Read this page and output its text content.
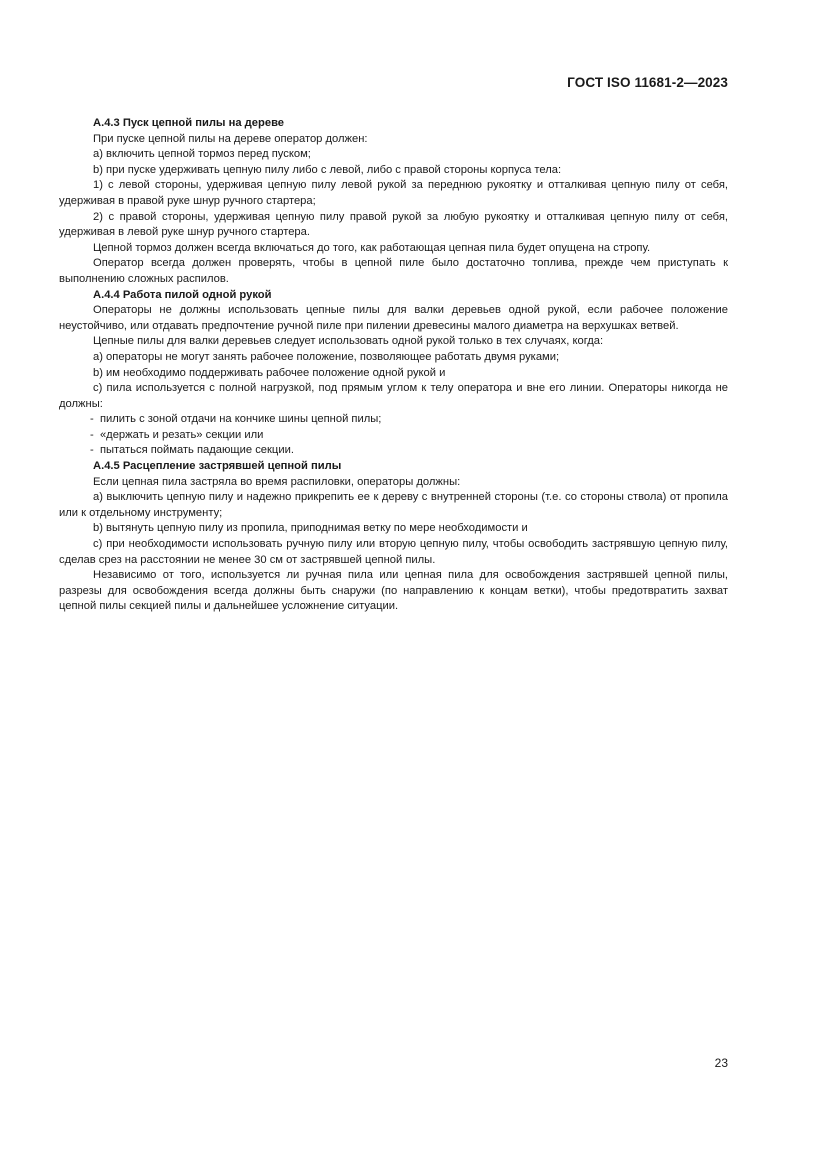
ГОСТ ISO 11681-2—2023

А.4.3 Пуск цепной пилы на дереве

При пуске цепной пилы на дереве оператор должен:

a) включить цепной тормоз перед пуском;

b) при пуске удерживать цепную пилу либо с левой, либо с правой стороны корпуса тела:

1) с левой стороны, удерживая цепную пилу левой рукой за переднюю рукоятку и отталкивая цепную пилу от себя, удерживая в правой руке шнур ручного стартера;

2) с правой стороны, удерживая цепную пилу правой рукой за любую рукоятку и отталкивая цепную пилу от себя, удерживая в левой руке шнур ручного стартера.

Цепной тормоз должен всегда включаться до того, как работающая цепная пила будет опущена на стропу.

Оператор всегда должен проверять, чтобы в цепной пиле было достаточно топлива, прежде чем приступать к выполнению сложных распилов.

А.4.4 Работа пилой одной рукой

Операторы не должны использовать цепные пилы для валки деревьев одной рукой, если рабочее положение неустойчиво, или отдавать предпочтение ручной пиле при пилении древесины малого диаметра на верхушках ветвей.

Цепные пилы для валки деревьев следует использовать одной рукой только в тех случаях, когда:

a) операторы не могут занять рабочее положение, позволяющее работать двумя руками;

b) им необходимо поддерживать рабочее положение одной рукой и

c) пила используется с полной нагрузкой, под прямым углом к телу оператора и вне его линии. Операторы никогда не должны:

-  пилить с зоной отдачи на кончике шины цепной пилы;

-  «держать и резать» секции или

-  пытаться поймать падающие секции.

А.4.5 Расцепление застрявшей цепной пилы

Если цепная пила застряла во время распиловки, операторы должны:

a) выключить цепную пилу и надежно прикрепить ее к дереву с внутренней стороны (т.е. со стороны ствола) от пропила или к отдельному инструменту;

b) вытянуть цепную пилу из пропила, приподнимая ветку по мере необходимости и

c) при необходимости использовать ручную пилу или вторую цепную пилу, чтобы освободить застрявшую цепную пилу, сделав срез на расстоянии не менее 30 см от застрявшей цепной пилы.

Независимо от того, используется ли ручная пила или цепная пила для освобождения застрявшей цепной пилы, разрезы для освобождения всегда должны быть снаружи (по направлению к концам ветки), чтобы предотвратить захват цепной пилы секцией пилы и дальнейшее усложнение ситуации.

23
